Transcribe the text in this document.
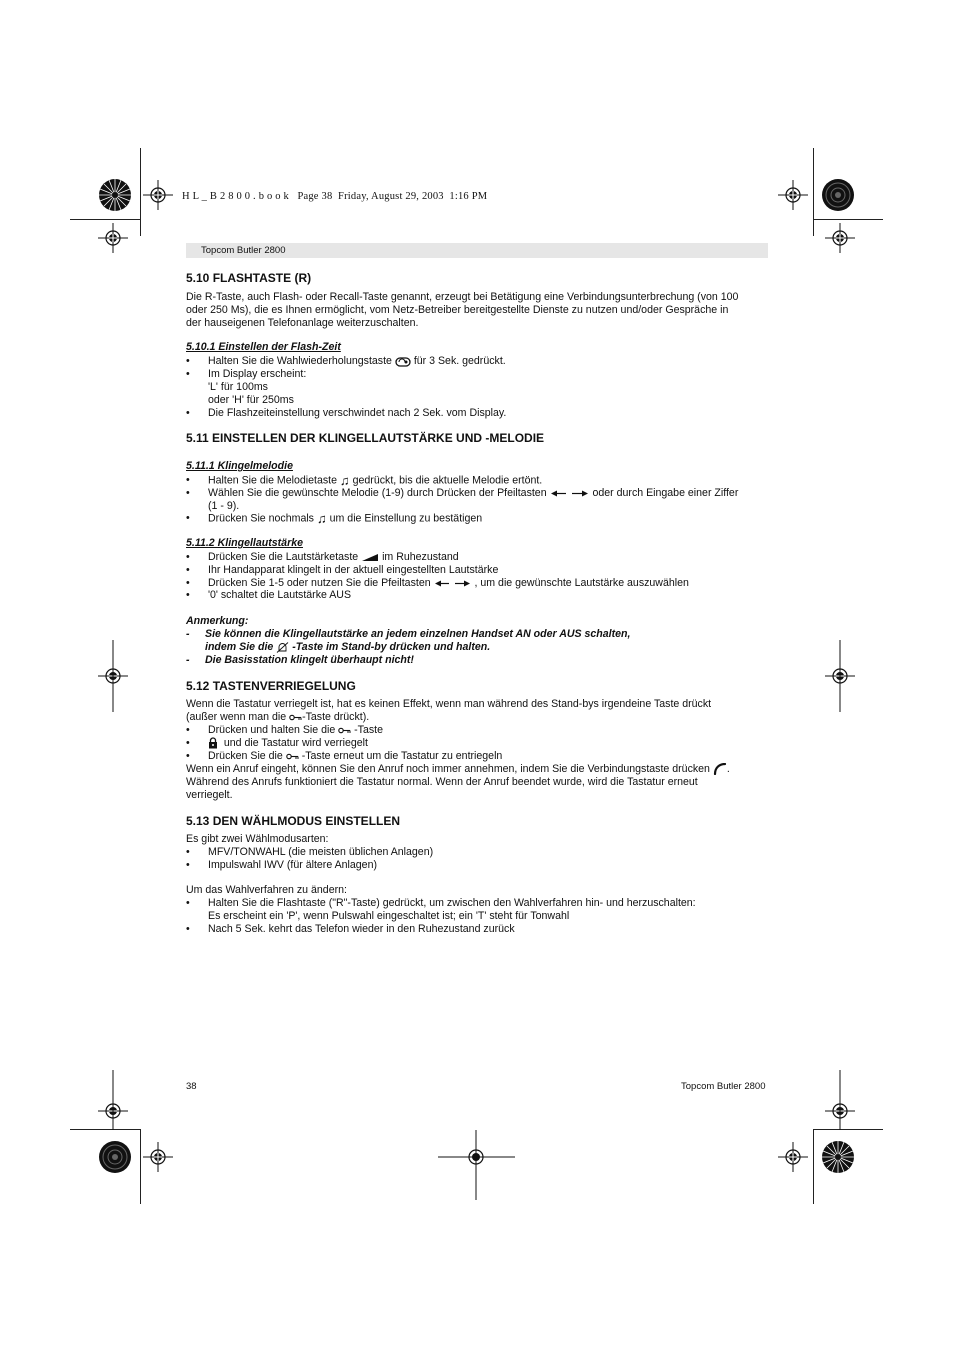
H L _ B 2 8 0 0 . b o o k   Page 38  Friday, August 29, 2003  1:16 PM
Topcom Butler 2800
5.10 FLASHTASTE (R)
Die R-Taste, auch Flash- oder Recall-Taste genannt, erzeugt bei Betätigung eine Verbindungsunterbrechung (von 100
oder 250 Ms), die es Ihnen ermöglicht, vom Netz-Betreiber bereitgestellte Dienste zu nutzen und/oder Gespräche in
der hauseigenen Telefonanlage weiterzuschalten.
5.10.1 Einstellen der Flash-Zeit
• Halten Sie die Wahlwiederholungstaste für 3 Sek. gedrückt.
• Im Display erscheint:
'L' für 100ms
oder 'H' für 250ms
• Die Flashzeiteinstellung verschwindet nach 2 Sek. vom Display.
5.11 EINSTELLEN DER KLINGELLAUTSTÄRKE UND -MELODIE
5.11.1 Klingelmelodie
• Halten Sie die Melodietaste ♫ gedrückt, bis die aktuelle Melodie ertönt.
• Wählen Sie die gewünschte Melodie (1-9) durch Drücken der Pfeiltasten	oder durch Eingabe einer Ziffer
(1 - 9).
• Drücken Sie nochmals ♫ um die Einstellung zu bestätigen
5.11.2 Klingellautstärke
• Drücken Sie die Lautstärketaste im Ruhezustand
• Ihr Handapparat klingelt in der aktuell eingestellten Lautstärke
• Drücken Sie 1-5 oder nutzen Sie die Pfeiltasten	, um die gewünschte Lautstärke auszuwählen
• '0' schaltet die Lautstärke AUS
Anmerkung:
- Sie können die Klingellautstärke an jedem einzelnen Handset AN oder AUS schalten,
indem Sie die -Taste im Stand-by drücken und halten.
- Die Basisstation klingelt überhaupt nicht!
5.12 TASTENVERRIEGELUNG
Wenn die Tastatur verriegelt ist, hat es keinen Effekt, wenn man während des Stand-bys irgendeine Taste drückt
(außer wenn man die -Taste drückt).
• Drücken und halten Sie die -Taste
•	und die Tastatur wird verriegelt
• Drücken Sie die -Taste erneut um die Tastatur zu entriegeln
Wenn ein Anruf eingeht, können Sie den Anruf noch immer annehmen, indem Sie die Verbindungstaste drücken .
Während des Anrufs funktioniert die Tastatur normal. Wenn der Anruf beendet wurde, wird die Tastatur erneut
verriegelt.
5.13 DEN WÄHLMODUS EINSTELLEN
Es gibt zwei Wählmodusarten:
• MFV/TONWAHL (die meisten üblichen Anlagen)
• Impulswahl IWV (für ältere Anlagen)
Um das Wahlverfahren zu ändern:
• Halten Sie die Flashtaste ("R"-Taste) gedrückt, um zwischen den Wahlverfahren hin- und herzuschalten:
Es erscheint ein 'P', wenn Pulswahl eingeschaltet ist; ein 'T' steht für Tonwahl
• Nach 5 Sek. kehrt das Telefon wieder in den Ruhezustand zurück
38	Topcom Butler 2800
